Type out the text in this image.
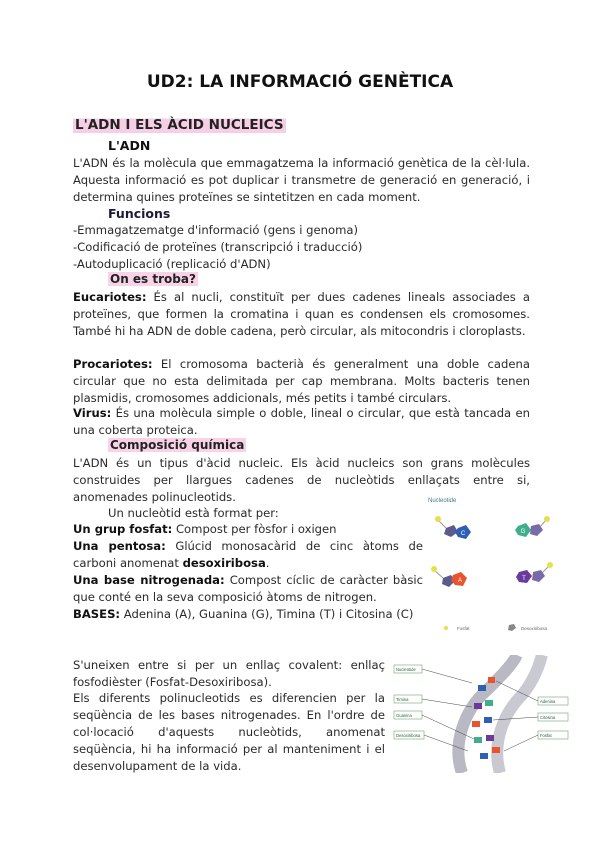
UD2: LA INFORMACIÓ GENÈTICA
L'ADN I ELS ÀCID NUCLEICS
L'ADN
L'ADN és la molècula que emmagatzema la informació genètica de la cèl·lula. Aquesta informació es pot duplicar i transmetre de generació en generació, i determina quines proteïnes se sintetitzen en cada moment.
Funcions
-Emmagatzematge d'informació (gens i genoma)
-Codificació de proteïnes (transcripció i traducció)
-Autoduplicació (replicació d'ADN)
On es troba?
Eucariotes: És al nucli, constituït per dues cadenes lineals associades a proteïnes, que formen la cromatina i quan es condensen els cromosomes. També hi ha ADN de doble cadena, però circular, als mitocondris i cloroplasts.
Procariotes: El cromosoma bacterià és generalment una doble cadena circular que no esta delimitada per cap membrana. Molts bacteris tenen plasmidis, cromosomes addicionals, més petits i també circulars.
Virus: És una molècula simple o doble, lineal o circular, que està tancada en una coberta proteica.
Composició química
L'ADN és un tipus d'àcid nucleic. Els àcid nucleics son grans molècules construides per llargues cadenes de nucleòtids enllaçats entre si, anomenades polinucleotids.
Un nucleòtid està format per:
Un grup fosfat: Compost per fòsfor i oxigen
Una pentosa: Glúcid monosacàrid de cinc àtoms de carboni anomenat desoxiribosa.
Una base nitrogenada: Compost cíclic de caràcter bàsic que conté en la seva composició àtoms de nitrogen.
BASES: Adenina (A), Guanina (G), Timina (T) i Citosina (C)
S'uneixen entre si per un enllaç covalent: enllaç fosfodièster (Fosfat-Desoxiribosa).
Els diferents polinucleotids es diferencien per la seqüència de les bases nitrogenades. En l'ordre de col·locació d'aquests nucleòtids, anomenat seqüència, hi ha informació per al manteniment i el desenvolupament de la vida.
Nucleotide
C	G
A	T
Fosfat	Desoxiribosa
Nucleotide
Timina
Guanina
Desoxiribosa
Adenina
Citosina
Fosfat
